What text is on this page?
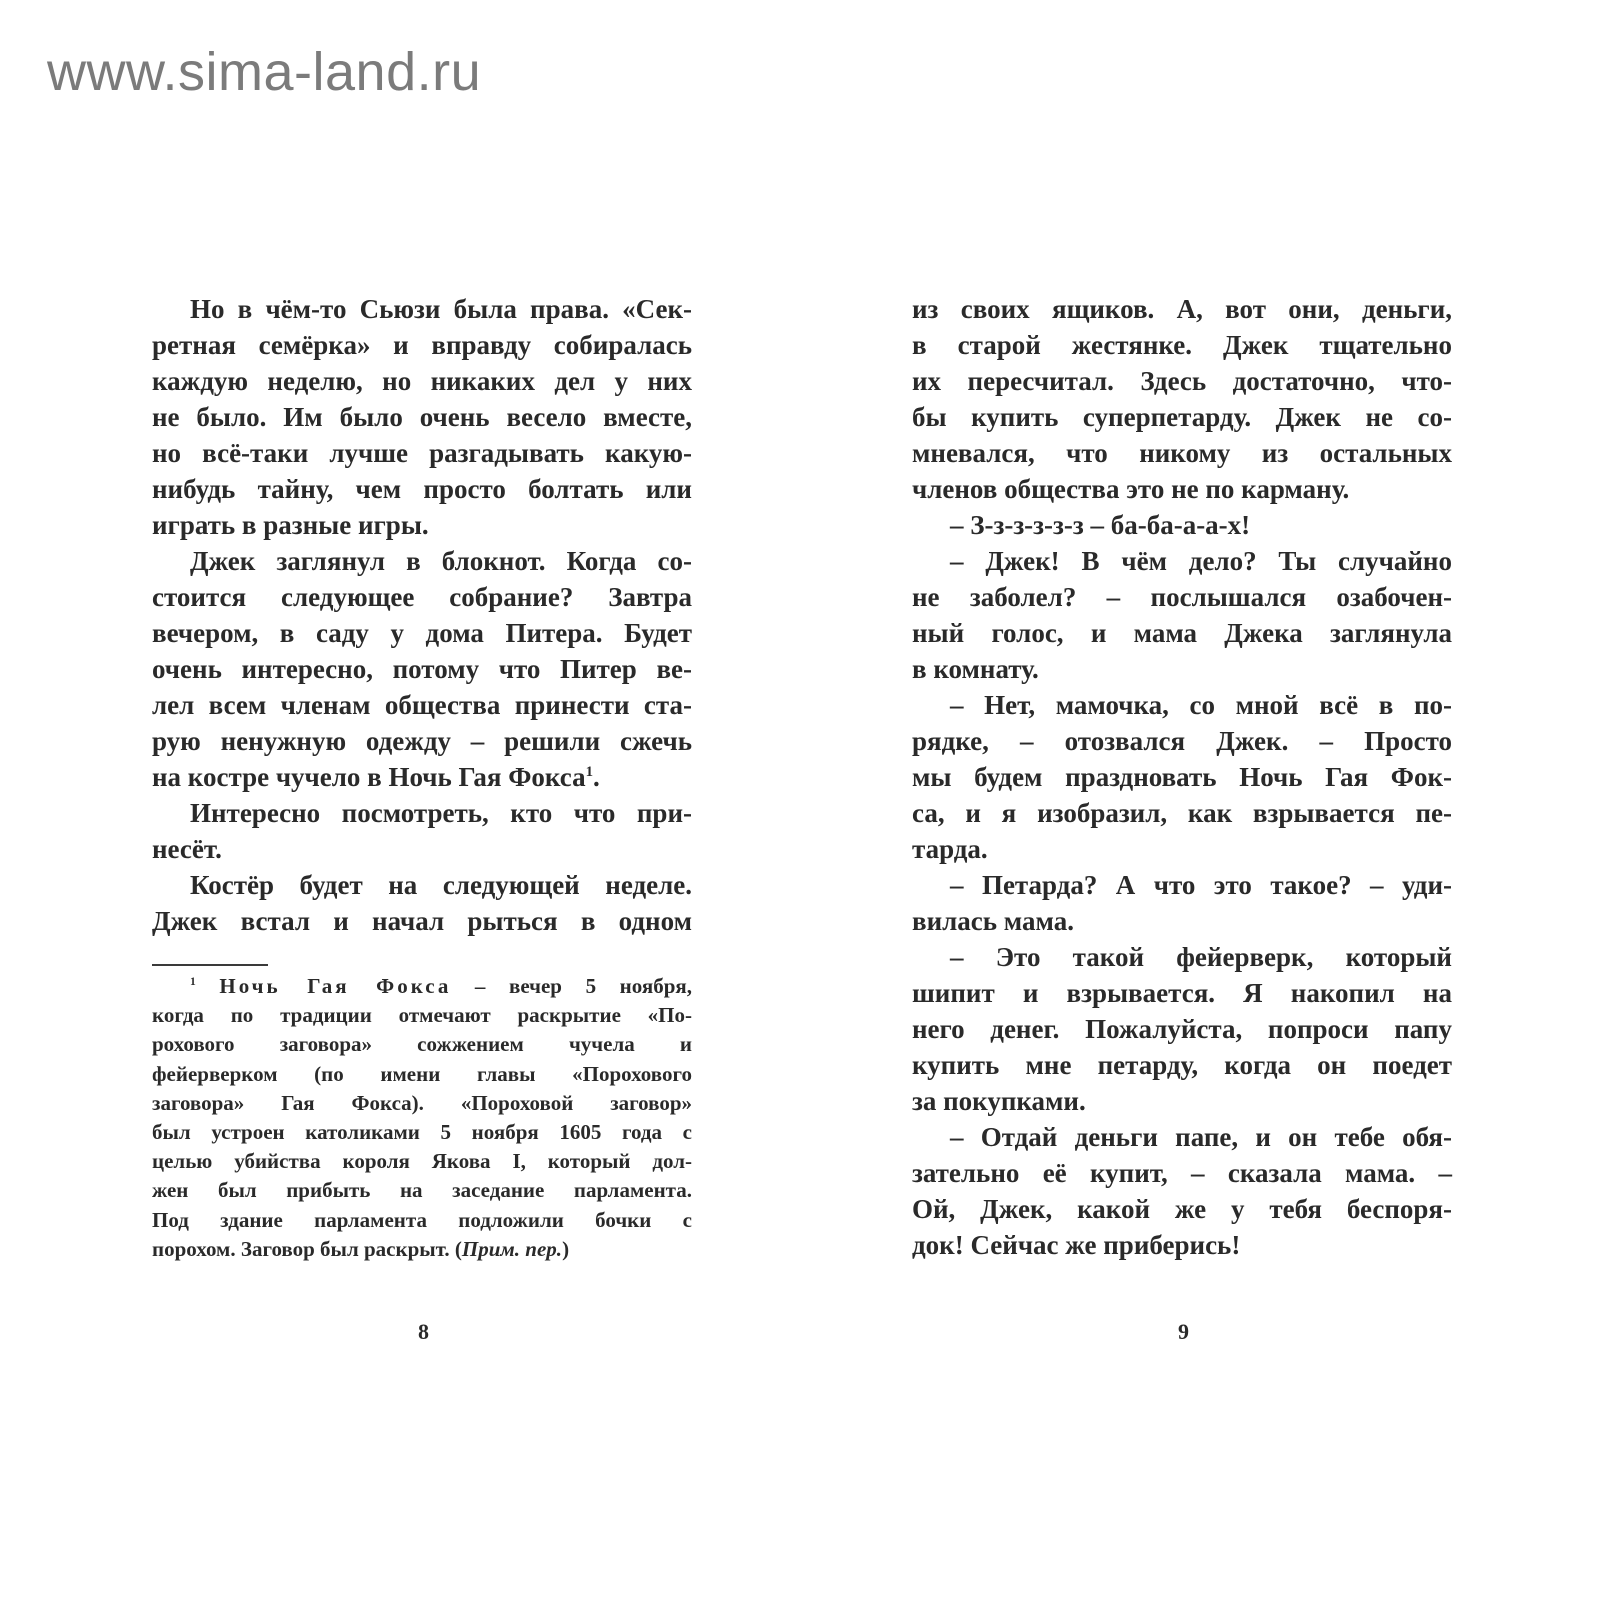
www.sima-land.ru
Но в чём-то Сьюзи была права. «Сек-
ретная семёрка» и вправду собиралась
каждую неделю, но никаких дел у них
не было. Им было очень весело вместе,
но всё-таки лучше разгадывать какую-
нибудь тайну, чем просто болтать или
играть в разные игры.
Джек заглянул в блокнот. Когда со-
стоится следующее собрание? Завтра
вечером, в саду у дома Питера. Будет
очень интересно, потому что Питер ве-
лел всем членам общества принести ста-
рую ненужную одежду – решили сжечь
на костре чучело в Ночь Гая Фокса$^1$.
Интересно посмотреть, кто что при-
несёт.
Костёр будет на следующей неделе.
Джек встал и начал рыться в одном
$^1$ Ночь Гая Фокса – вечер 5 ноября,
когда по традиции отмечают раскрытие «По-
рохового заговора» сожжением чучела и
фейерверком (по имени главы «Порохового
заговора» Гая Фокса). «Пороховой заговор»
был устроен католиками 5 ноября 1605 года с
целью убийства короля Якова I, который дол-
жен был прибыть на заседание парламента.
Под здание парламента подложили бочки с
порохом. Заговор был раскрыт. (Прим. пер.)
из своих ящиков. А, вот они, деньги,
в старой жестянке. Джек тщательно
их пересчитал. Здесь достаточно, что-
бы купить суперпетарду. Джек не со-
мневался, что никому из остальных
членов общества это не по карману.
– З-з-з-з-з-з – ба-ба-а-а-х!
– Джек! В чём дело? Ты случайно
не заболел? – послышался озабочен-
ный голос, и мама Джека заглянула
в комнату.
– Нет, мамочка, со мной всё в по-
рядке, – отозвался Джек. – Просто
мы будем праздновать Ночь Гая Фок-
са, и я изобразил, как взрывается пе-
тарда.
– Петарда? А что это такое? – уди-
вилась мама.
– Это такой фейерверк, который
шипит и взрывается. Я накопил на
него денег. Пожалуйста, попроси папу
купить мне петарду, когда он поедет
за покупками.
– Отдай деньги папе, и он тебе обя-
зательно её купит, – сказала мама. –
Ой, Джек, какой же у тебя беспоря-
док! Сейчас же приберись!
8	9
